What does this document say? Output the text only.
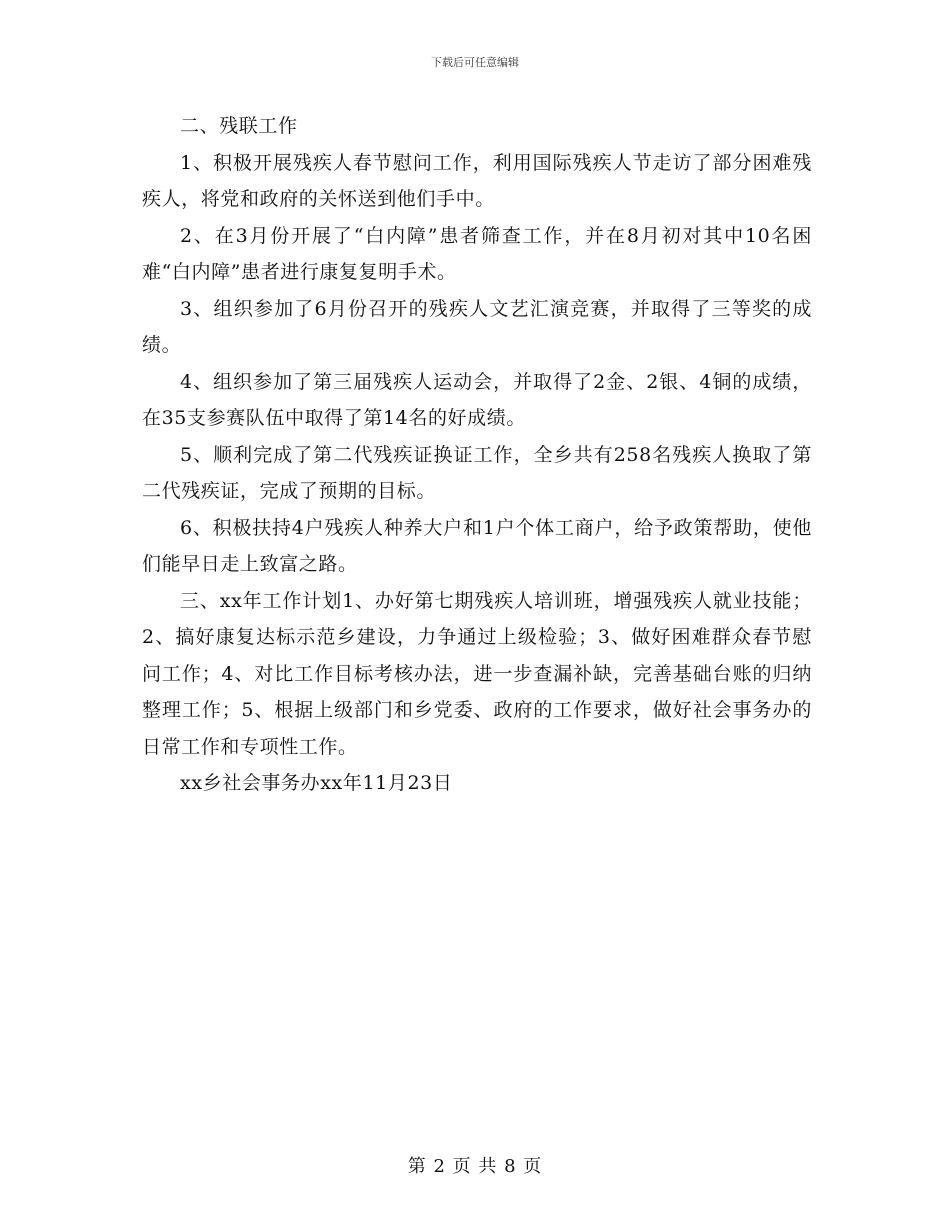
下载后可任意编辑

二、残联工作

1、积极开展残疾人春节慰问工作，利用国际残疾人节走访了部分困难残疾人，将党和政府的关怀送到他们手中。

2、在3月份开展了“白内障”患者筛查工作，并在8月初对其中10名困难“白内障”患者进行康复复明手术。

3、组织参加了6月份召开的残疾人文艺汇演竞赛，并取得了三等奖的成绩。

4、组织参加了第三届残疾人运动会，并取得了2金、2银、4铜的成绩，在35支参赛队伍中取得了第14名的好成绩。

5、顺利完成了第二代残疾证换证工作，全乡共有258名残疾人换取了第二代残疾证，完成了预期的目标。

6、积极扶持4户残疾人种养大户和1户个体工商户，给予政策帮助，使他们能早日走上致富之路。

三、xx年工作计划1、办好第七期残疾人培训班，增强残疾人就业技能；2、搞好康复达标示范乡建设，力争通过上级检验；3、做好困难群众春节慰问工作；4、对比工作目标考核办法，进一步查漏补缺，完善基础台账的归纳整理工作；5、根据上级部门和乡党委、政府的工作要求，做好社会事务办的日常工作和专项性工作。

xx乡社会事务办xx年11月23日

第 2 页 共 8 页
